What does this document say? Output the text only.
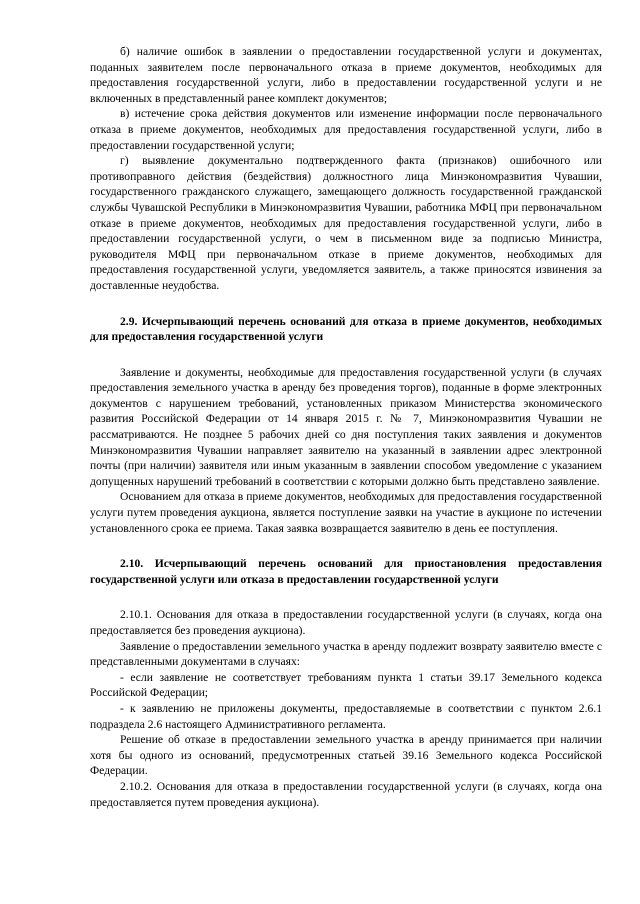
б) наличие ошибок в заявлении о предоставлении государственной услуги и документах, поданных заявителем после первоначального отказа в приеме документов, необходимых для предоставления государственной услуги, либо в предоставлении государственной услуги и не включенных в представленный ранее комплект документов;

в) истечение срока действия документов или изменение информации после первоначального отказа в приеме документов, необходимых для предоставления государственной услуги, либо в предоставлении государственной услуги;

г) выявление документально подтвержденного факта (признаков) ошибочного или противоправного действия (бездействия) должностного лица Минэкономразвития Чувашии, государственного гражданского служащего, замещающего должность государственной гражданской службы Чувашской Республики в Минэкономразвития Чувашии, работника МФЦ при первоначальном отказе в приеме документов, необходимых для предоставления государственной услуги, либо в предоставлении государственной услуги, о чем в письменном виде за подписью Министра, руководителя МФЦ при первоначальном отказе в приеме документов, необходимых для предоставления государственной услуги, уведомляется заявитель, а также приносятся извинения за доставленные неудобства.

2.9. Исчерпывающий перечень оснований для отказа в приеме документов, необходимых для предоставления государственной услуги

Заявление и документы, необходимые для предоставления государственной услуги (в случаях предоставления земельного участка в аренду без проведения торгов), поданные в форме электронных документов с нарушением требований, установленных приказом Министерства экономического развития Российской Федерации от 14 января 2015 г. № 7, Минэкономразвития Чувашии не рассматриваются. Не позднее 5 рабочих дней со дня поступления таких заявления и документов Минэкономразвития Чувашии направляет заявителю на указанный в заявлении адрес электронной почты (при наличии) заявителя или иным указанным в заявлении способом уведомление с указанием допущенных нарушений требований в соответствии с которыми должно быть представлено заявление.

Основанием для отказа в приеме документов, необходимых для предоставления государственной услуги путем проведения аукциона, является поступление заявки на участие в аукционе по истечении установленного срока ее приема. Такая заявка возвращается заявителю в день ее поступления.

2.10. Исчерпывающий перечень оснований для приостановления предоставления государственной услуги или отказа в предоставлении государственной услуги

2.10.1. Основания для отказа в предоставлении государственной услуги (в случаях, когда она предоставляется без проведения аукциона).

Заявление о предоставлении земельного участка в аренду подлежит возврату заявителю вместе с представленными документами в случаях:

- если заявление не соответствует требованиям пункта 1 статьи 39.17 Земельного кодекса Российской Федерации;

- к заявлению не приложены документы, предоставляемые в соответствии с пунктом 2.6.1 подраздела 2.6 настоящего Административного регламента.

Решение об отказе в предоставлении земельного участка в аренду принимается при наличии хотя бы одного из оснований, предусмотренных статьей 39.16 Земельного кодекса Российской Федерации.

2.10.2. Основания для отказа в предоставлении государственной услуги (в случаях, когда она предоставляется путем проведения аукциона).
